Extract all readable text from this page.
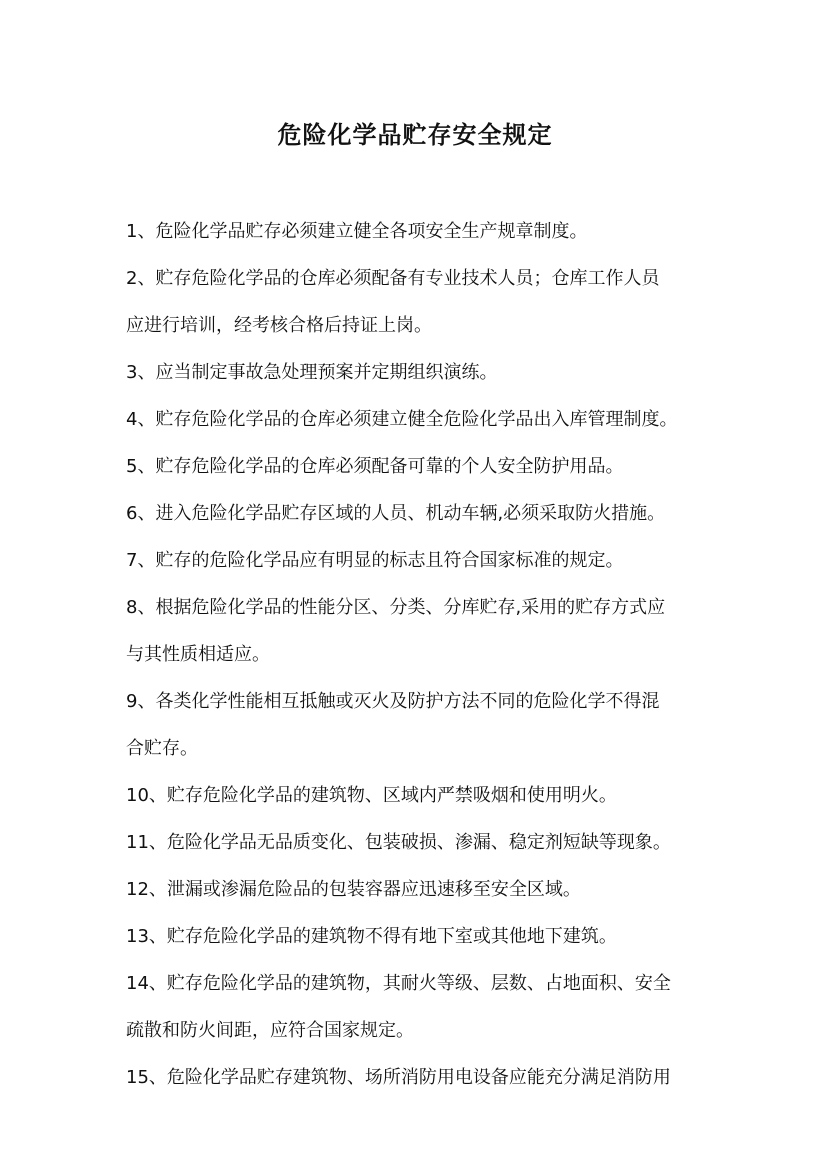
危险化学品贮存安全规定
1、危险化学品贮存必须建立健全各项安全生产规章制度。
2、贮存危险化学品的仓库必须配备有专业技术人员；仓库工作人员
应进行培训，经考核合格后持证上岗。
3、应当制定事故急处理预案并定期组织演练。
4、贮存危险化学品的仓库必须建立健全危险化学品出入库管理制度。
5、贮存危险化学品的仓库必须配备可靠的个人安全防护用品。
6、进入危险化学品贮存区域的人员、机动车辆,必须采取防火措施。
7、贮存的危险化学品应有明显的标志且符合国家标准的规定。
8、根据危险化学品的性能分区、分类、分库贮存,采用的贮存方式应
与其性质相适应。
9、各类化学性能相互抵触或灭火及防护方法不同的危险化学不得混
合贮存。
10、贮存危险化学品的建筑物、区域内严禁吸烟和使用明火。
11、危险化学品无品质变化、包装破损、渗漏、稳定剂短缺等现象。
12、泄漏或渗漏危险品的包装容器应迅速移至安全区域。
13、贮存危险化学品的建筑物不得有地下室或其他地下建筑。
14、贮存危险化学品的建筑物，其耐火等级、层数、占地面积、安全
疏散和防火间距，应符合国家规定。
15、危险化学品贮存建筑物、场所消防用电设备应能充分满足消防用
